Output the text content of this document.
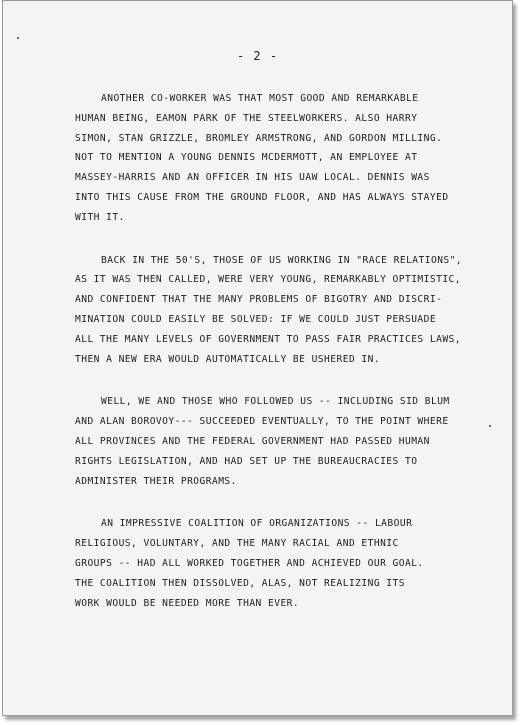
- 2 -

ANOTHER CO-WORKER WAS THAT MOST GOOD AND REMARKABLE
HUMAN BEING, EAMON PARK OF THE STEELWORKERS. ALSO HARRY
SIMON, STAN GRIZZLE, BROMLEY ARMSTRONG, AND GORDON MILLING.
NOT TO MENTION A YOUNG DENNIS MCDERMOTT, AN EMPLOYEE AT
MASSEY-HARRIS AND AN OFFICER IN HIS UAW LOCAL. DENNIS WAS
INTO THIS CAUSE FROM THE GROUND FLOOR, AND HAS ALWAYS STAYED
WITH IT.

BACK IN THE 50'S, THOSE OF US WORKING IN "RACE RELATIONS",
AS IT WAS THEN CALLED, WERE VERY YOUNG, REMARKABLY OPTIMISTIC,
AND CONFIDENT THAT THE MANY PROBLEMS OF BIGOTRY AND DISCRI-
MINATION COULD EASILY BE SOLVED: IF WE COULD JUST PERSUADE
ALL THE MANY LEVELS OF GOVERNMENT TO PASS FAIR PRACTICES LAWS,
THEN A NEW ERA WOULD AUTOMATICALLY BE USHERED IN.

WELL, WE AND THOSE WHO FOLLOWED US -- INCLUDING SID BLUM
AND ALAN BOROVOY--- SUCCEEDED EVENTUALLY, TO THE POINT WHERE
ALL PROVINCES AND THE FEDERAL GOVERNMENT HAD PASSED HUMAN
RIGHTS LEGISLATION, AND HAD SET UP THE BUREAUCRACIES TO
ADMINISTER THEIR PROGRAMS.

AN IMPRESSIVE COALITION OF ORGANIZATIONS -- LABOUR
RELIGIOUS, VOLUNTARY, AND THE MANY RACIAL AND ETHNIC
GROUPS -- HAD ALL WORKED TOGETHER AND ACHIEVED OUR GOAL.
THE COALITION THEN DISSOLVED, ALAS, NOT REALIZING ITS
WORK WOULD BE NEEDED MORE THAN EVER.
